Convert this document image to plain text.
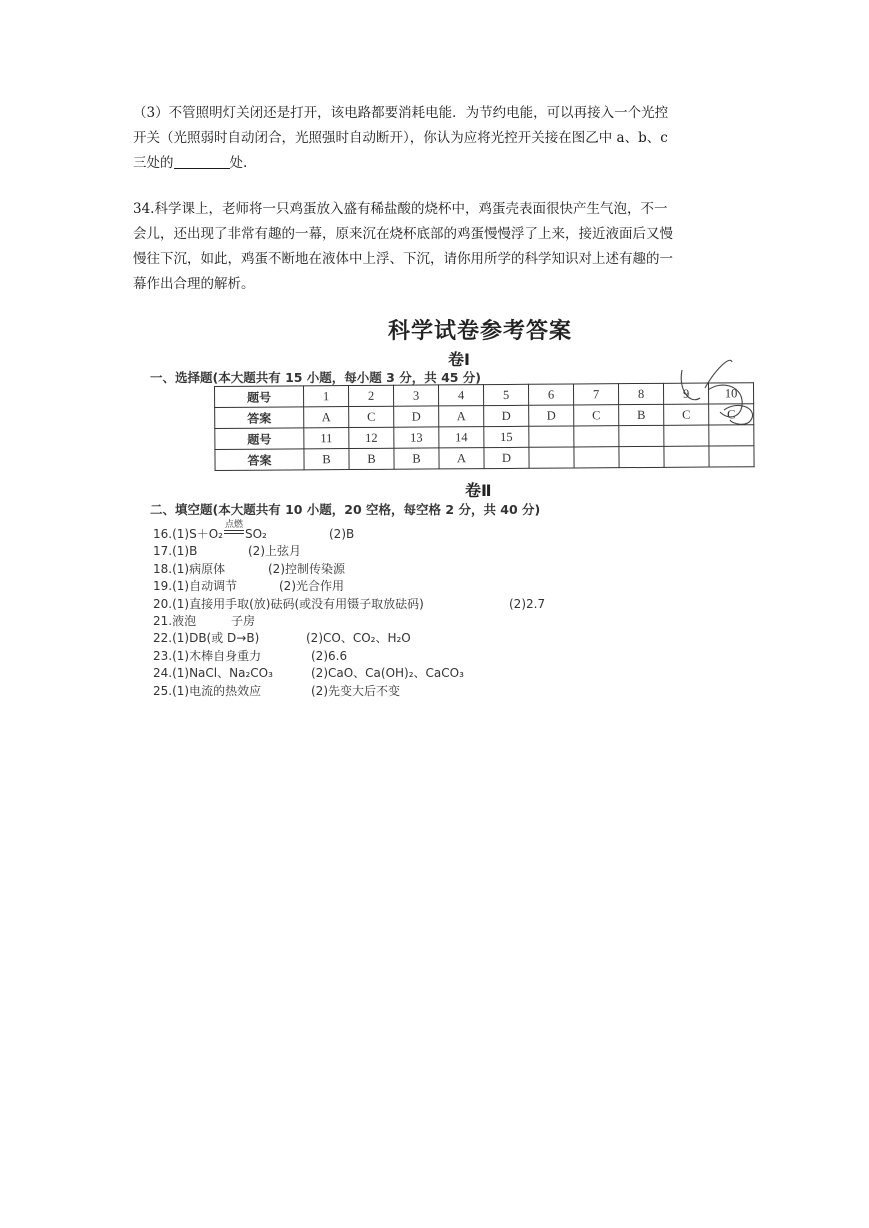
（3）不管照明灯关闭还是打开，该电路都要消耗电能．为节约电能，可以再接入一个光控
开关（光照弱时自动闭合，光照强时自动断开），你认为应将光控开关接在图乙中 a、b、c
三处的	处.
34.科学课上，老师将一只鸡蛋放入盛有稀盐酸的烧杯中，鸡蛋壳表面很快产生气泡，不一
会儿，还出现了非常有趣的一幕，原来沉在烧杯底部的鸡蛋慢慢浮了上来，接近液面后又慢
慢往下沉，如此，鸡蛋不断地在液体中上浮、下沉，请你用所学的科学知识对上述有趣的一
幕作出合理的解析。
科学试卷参考答案
卷Ⅰ
一、选择题(本大题共有 15 小题，每小题 3 分，共 45 分)
题号	1	2	3	4	5	6	7	8	9	10
答案	A	C	D	A	D	D	C	B	C	C
题号	11	12	13	14	15					
答案	B	B	B	A	D					
卷Ⅱ
二、填空题(本大题共有 10 小题，20 空格，每空格 2 分，共 40 分)
16.(1)S＋O₂
点燃
SO₂	(2)B
17.(1)B	(2)上弦月
18.(1)病原体	(2)控制传染源
19.(1)自动调节	(2)光合作用
20.(1)直接用手取(放)砝码(或没有用镊子取放砝码)	(2)2.7
21.液泡	子房
22.(1)DB(或 D→B)	(2)CO、CO₂、H₂O
23.(1)木棒自身重力	(2)6.6
24.(1)NaCl、Na₂CO₃	(2)CaO、Ca(OH)₂、CaCO₃
25.(1)电流的热效应	(2)先变大后不变
